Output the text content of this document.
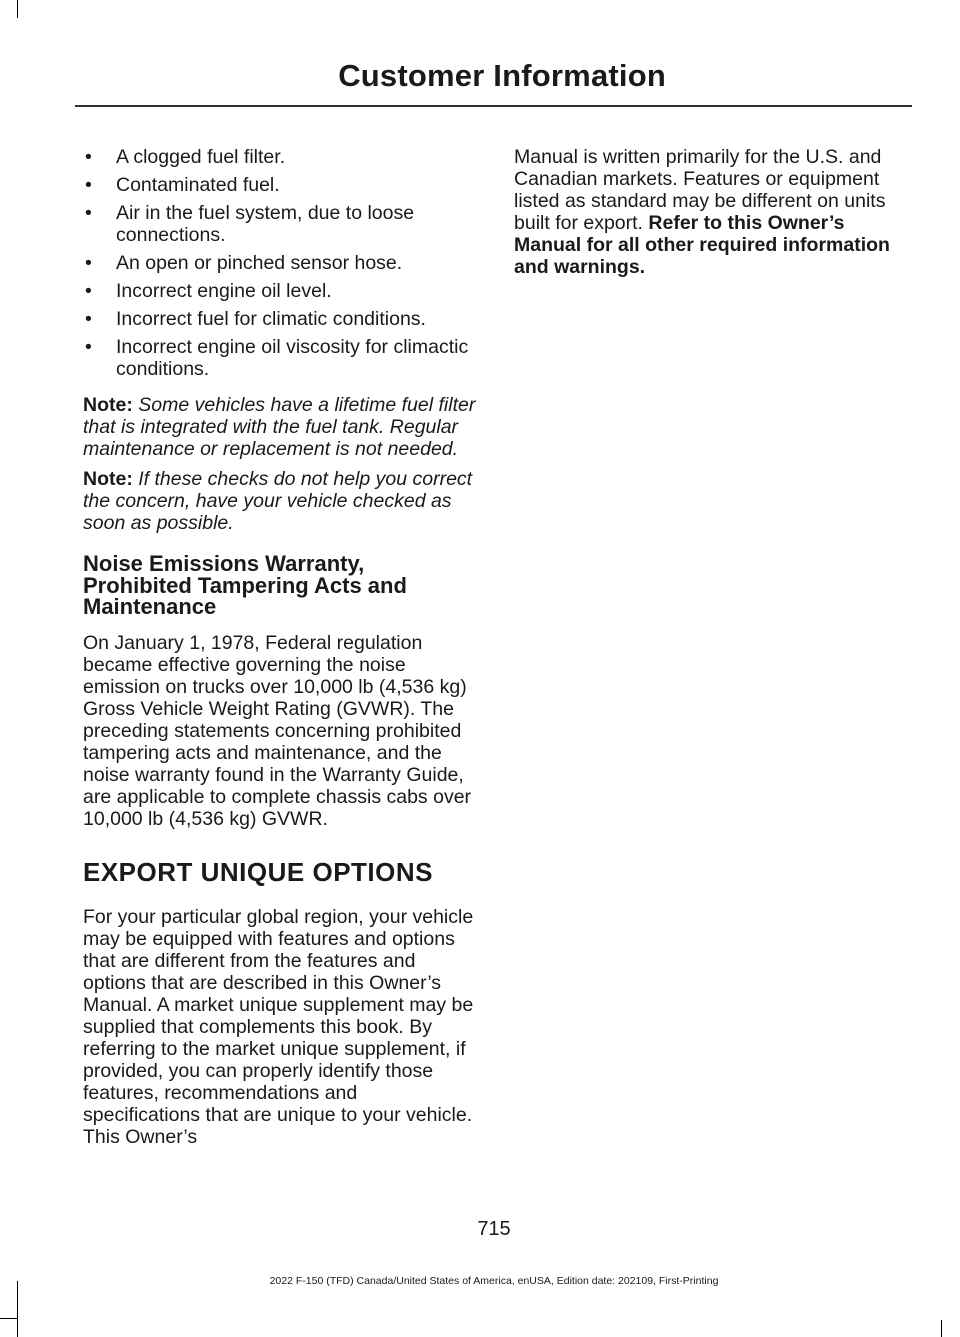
Customer Information
• A clogged fuel filter.
• Contaminated fuel.
• Air in the fuel system, due to loose connections.
• An open or pinched sensor hose.
• Incorrect engine oil level.
• Incorrect fuel for climatic conditions.
• Incorrect engine oil viscosity for climactic conditions.

Note: Some vehicles have a lifetime fuel filter that is integrated with the fuel tank. Regular maintenance or replacement is not needed.

Note: If these checks do not help you correct the concern, have your vehicle checked as soon as possible.

Noise Emissions Warranty, Prohibited Tampering Acts and Maintenance

On January 1, 1978, Federal regulation became effective governing the noise emission on trucks over 10,000 lb (4,536 kg) Gross Vehicle Weight Rating (GVWR). The preceding statements concerning prohibited tampering acts and maintenance, and the noise warranty found in the Warranty Guide, are applicable to complete chassis cabs over 10,000 lb (4,536 kg) GVWR.

EXPORT UNIQUE OPTIONS

For your particular global region, your vehicle may be equipped with features and options that are different from the features and options that are described in this Owner’s Manual. A market unique supplement may be supplied that complements this book. By referring to the market unique supplement, if provided, you can properly identify those features, recommendations and specifications that are unique to your vehicle. This Owner’s

Manual is written primarily for the U.S. and Canadian markets. Features or equipment listed as standard may be different on units built for export. Refer to this Owner’s Manual for all other required information and warnings.

715
2022 F-150 (TFD) Canada/United States of America, enUSA, Edition date: 202109, First-Printing
